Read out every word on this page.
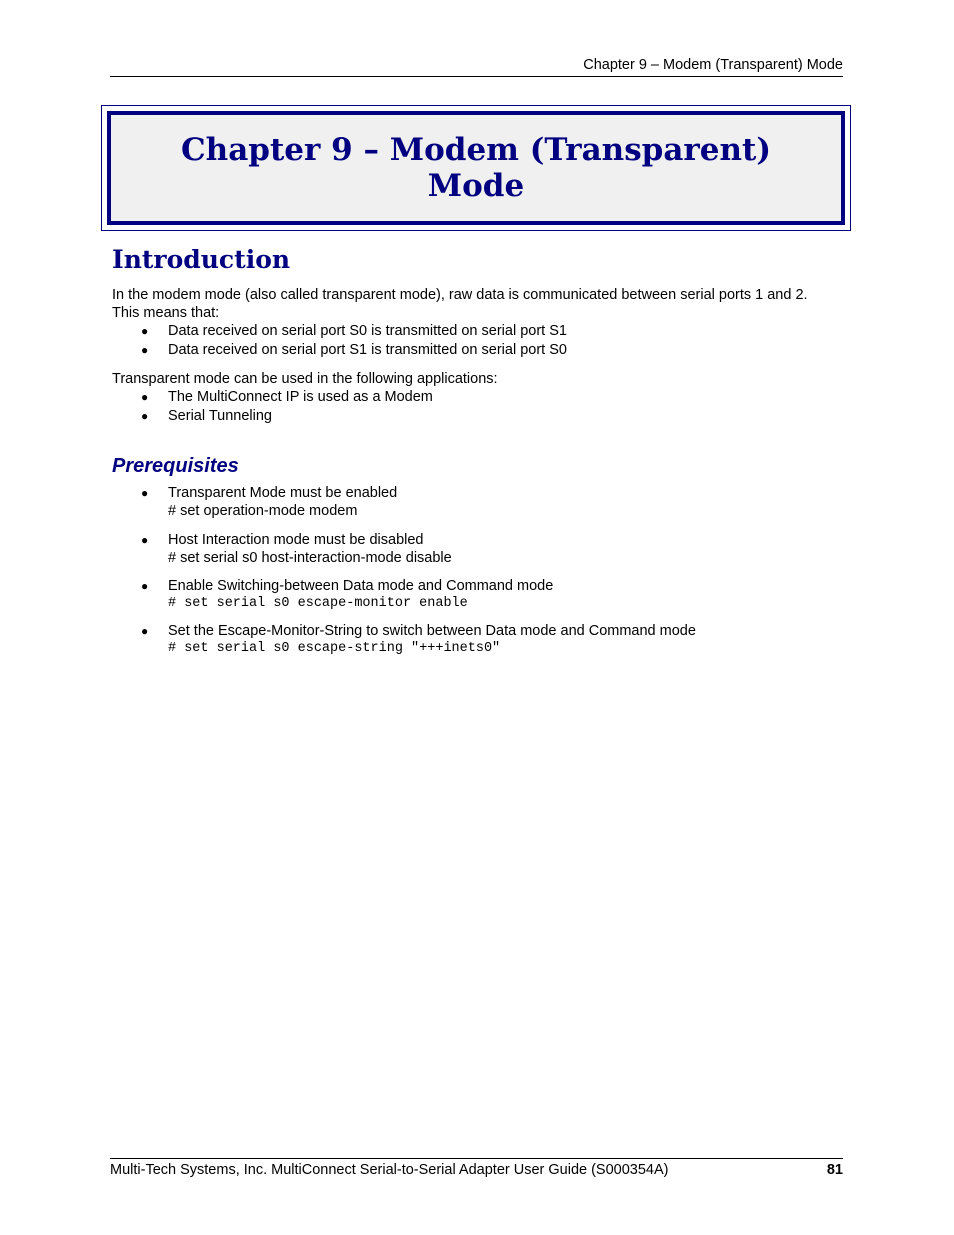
Chapter 9 – Modem (Transparent) Mode
Chapter 9 – Modem (Transparent) Mode
Introduction

In the modem mode (also called transparent mode), raw data is communicated between serial ports 1 and 2. This means that:

● Data received on serial port S0 is transmitted on serial port S1
● Data received on serial port S1 is transmitted on serial port S0

Transparent mode can be used in the following applications:

● The MultiConnect IP is used as a Modem
● Serial Tunneling
Prerequisites
●	Transparent Mode must be enabled
# set operation-mode modem
●	Host Interaction mode must be disabled
# set serial s0 host-interaction-mode disable
●	Enable Switching-between Data mode and Command mode
# set serial s0 escape-monitor enable
●	Set the Escape-Monitor-String to switch between Data mode and Command mode
# set serial s0 escape-string "+++inets0"
Multi-Tech Systems, Inc. MultiConnect Serial-to-Serial Adapter User Guide (S000354A)	81
